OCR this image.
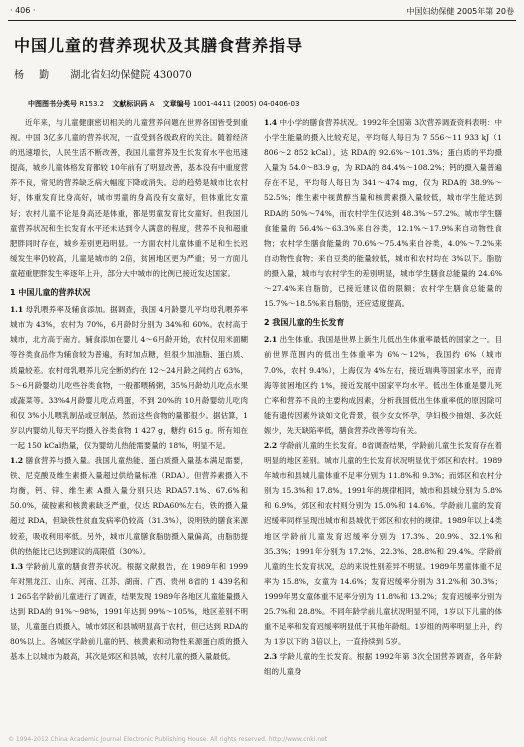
· 406 ·	中国妇幼保健 2005年第 20卷
中国儿童的营养现状及其膳食营养指导
杨 勤 湖北省妇幼保健院 430070
中图图书分类号 R153.2 文献标识码 A 文章编号 1001-4411 (2005) 04-0406-03

近年来，与儿童健康密切相关的儿童营养问题在世界各国皆受到重视。中国 3亿多儿童的营养状况，一直受到各级政府的关注。随着经济的迅速增长，人民生活不断改善，我国儿童营养及生长发育水平也迅速提高，城乡儿童体格发育都较 10年前有了明显改善，基本没有中重度营养不良，常见的营养缺乏病大幅度下降或消失。总的趋势是城市比农村好，体重发育比身高好，城市男童的身高没有女童好，但体重比女童好；农村儿童不论是身高还是体重，都是男童发育比女童好。但我国儿童营养状况和生长发育水平还未达到令人满意的程度，营养不良和超重肥胖同时存在，城乡差别更趋明显。一方面农村儿童体重不足和生长迟缓发生率仍较高，儿童是城市的 2倍，贫困地区更为严重；另一方面儿童超重肥胖发生率逐年上升，部分大中城市的比例已接近发达国家。

1 中国儿童的营养状况

1.1 母乳喂养率及辅食添加。据调查，我国 4月龄婴儿平均母乳喂养率城市为 43%，农村为 70%，6月龄时分别为 34%和 60%。农村高于城市，北方高于南方。辅食添加在婴儿 4～6月龄开始，农村仅用米面糊等谷类食品作为辅食较为普遍，有时加点糖，但很少加油脂、蛋白质、质量较差。农村母乳喂养儿完全断奶约在 12～24月龄之间约占 63%，5～6月龄婴幼儿吃些谷类食物，一般都喂稀粥，35%月龄幼儿吃点水果或蔬菜等。33%4月龄婴儿吃点鸡蛋，不到 20%的 10月龄婴幼儿吃肉和仅 3%小儿喂乳制品或豆制品，然而这些食物的量都很少。据估算，1岁以内婴幼儿每天平均摄入谷类食物 1 427 g，糖约 615 g。所有知在一起 150 kCal热量，仅为婴幼儿热能需要量的 18%，明显不足。

1.2 膳食营养与摄入量。我国儿童热能、蛋白质摄入量基本满足需要，铁、尼克酸及维生素摄入量超过供给量标准（RDA）。但营养素摄入不均衡，钙、锌、维生素 A摄入量分别只达 RDA57.1%、67.6%和 50.0%，硫胺素和核黄素缺乏严重，仅达 RDA60%左右，铁的摄入量超过 RDA，但缺铁性贫血发病率仍较高（31.3%），说明铁的膳食来源较差，吸收利用率低。另外，城市儿童膳食脂肪摄入量偏高，由脂肪提供的热能比已达到建议的高限值（30%）。

1.3 学龄前儿童的膳食营养状况。根据文献报告，在 1989年和 1999年对黑龙江、山东、河南、江苏、湖南、广西、贵州 8省的 1 439名和 1 265名学龄前儿童进行了调查，结果发现 1989年各地区儿童能量摄入达到 RDA的 91%～98%，1991年达到 99%～105%，地区差别不明显，儿童蛋白质摄入，城市郊区和县城明显高于农村，但已达到 RDA的 80%以上。各城区学龄前儿童的钙、核黄素和动物性来源蛋白质的摄入基本上以城市为最高，其次是郊区和县城，农村儿童的摄入量最低。

1.4 中小学的膳食营养状况。1992年全国第 3次营养调查资料表明：中小学生能量的摄入比较充足，平均每人每日为 7 556～11 933 kJ（1 806～2 852 kCal）。达 RDA的 92.6%～101.3%；蛋白质的平均摄入量为 54.0～83.9 g，为 RDA的 84.4%～108.2%；钙的摄入量普遍存在不足，平均每人每日为 341～474 mg，仅为 RDA的 38.9%～52.5%；维生素中视黄醇当量和核黄素摄入量较低，城市学生能达到 RDA的 50%～74%，而农村学生仅达到 48.3%～57.2%。城市学生膳食能量的 56.4%～63.3%来自谷类，12.1%～17.9%来自动物性食物；农村学生膳食能量的 70.6%～75.4%来自谷类，4.0%～7.2%来自动物性食物；来自豆类的能量较低，城市和农村均在 3%以下。脂肪的摄入量，城市与农村学生的差别明显，城市学生膳食总能量的 24.6%～27.4%来自脂肪，已接近建议值的限额；农村学生膳食总能量的 15.7%～18.5%来自脂肪，还应适度提高。

2 我国儿童的生长发育

2.1 出生体重。我国是世界上新生儿低出生体重率最低的国家之一。目前世界范围内的低出生体重率为 6%～12%，我国约 6%（城市 7.0%，农村 9.4%），上海仅为 4%左右，接近瑞典等国家水平，而青海等贫困地区约 1%，接近发展中国家平均水平。低出生体重是婴儿死亡率和营养不良的主要构成因素，分析我国低出生体重率低的原因除可能有遗传因素外谈如文化背景，很少女女怀孕，孕妇极少抽烟、多次妊娠少，先天缺陷率低，膳食营养改善等均有关。

2.2 学龄前儿童的生长发育。8省调查结果，学龄前儿童生长发育存在着明显的地区差别。城市儿童的生长发育状况明显优于郊区和农村。1989年城市和县城儿童体重不足率分别为 11.8%和 9.3%；而郊区和农村分别为 15.3%和 17.8%。1991年的规律相同，城市和县城分别为 5.8%和 6.9%，郊区和农村则分别为 15.0%和 14.6%。学龄前儿童的发育迟缓率同样呈现出城市和县城优于郊区和农村的规律。1989年以上4类地区学龄前儿童发育迟缓率分别为 17.3%、20.9%、32.1%和 35.3%；1991年分别为 17.2%、22.3%、28.8%和 29.4%。学龄前儿童的生长发育状况，总的来说性别差异不明显。1989年男童体重不足率为 15.8%，女童为 14.6%；发育迟缓率分别为 31.2%和 30.3%；1999年男女童体重不足率分别为 11.8%和 13.2%；发育迟缓率分别为 25.7%和 28.8%。不同年龄学前儿童状况明显不同，1岁以下儿童的体重不足率和发育迟缓率明显低于其他年龄组。1岁组的两率明显上升，约为 1岁以下的 3倍以上，一直持续到 5岁。

2.3 学龄儿童的生长发育。根据 1992年第 3次全国营养调查，各年龄组的儿童身

© 1994-2012 China Academic Journal Electronic Publishing House. All rights reserved. http://www.cnki.net
